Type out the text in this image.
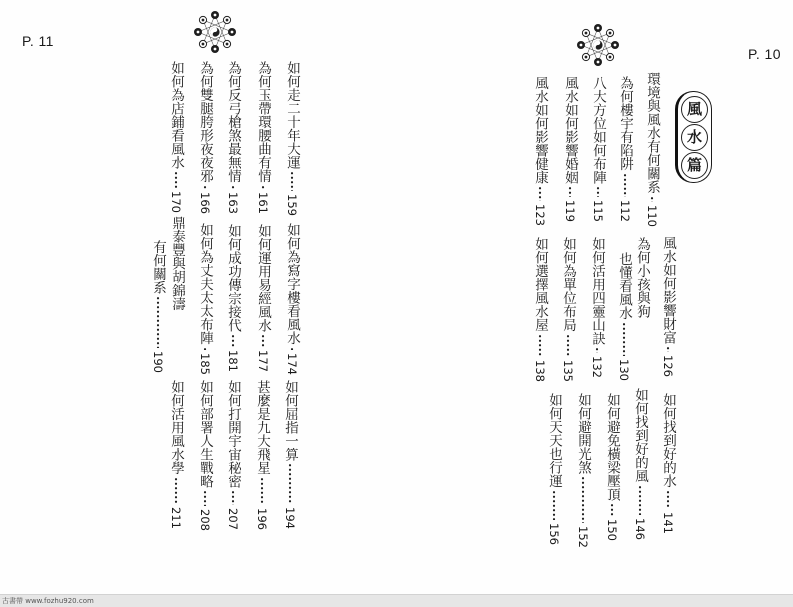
P. 11
如何走二十年大運
159
為何玉帶環腰曲有情
161
為何反弓槍煞最無情
163
為何雙腿胯形夜夜邪
166
如何為店鋪看風水
170
如何為寫字樓看風水
174
如何運用易經風水
177
如何成功傳宗接代
181
如何為丈夫太太布陣
185
鼎泰豐與胡錦濤
有何關系
190
如何屈指一算
194
甚麼是九大飛星
196
如何打開宇宙秘密
207
如何部署人生戰略
208
如何活用風水學
211
P. 10
風
水
篇
環境與風水有何關系
110
為何樓宇有陷阱
112
八大方位如何布陣
115
風水如何影響婚姻
119
風水如何影響健康
123
風水如何影響財富
126
為何小孩與狗
也懂看風水
130
如何活用四靈山訣
132
如何為單位布局
135
如何選擇風水屋
138
如何找到好的水
141
如何找到好的風
146
如何避免橫梁壓頂
150
如何避開光煞
152
如何天天也行運
156
古書帶 www.fozhu920.com
